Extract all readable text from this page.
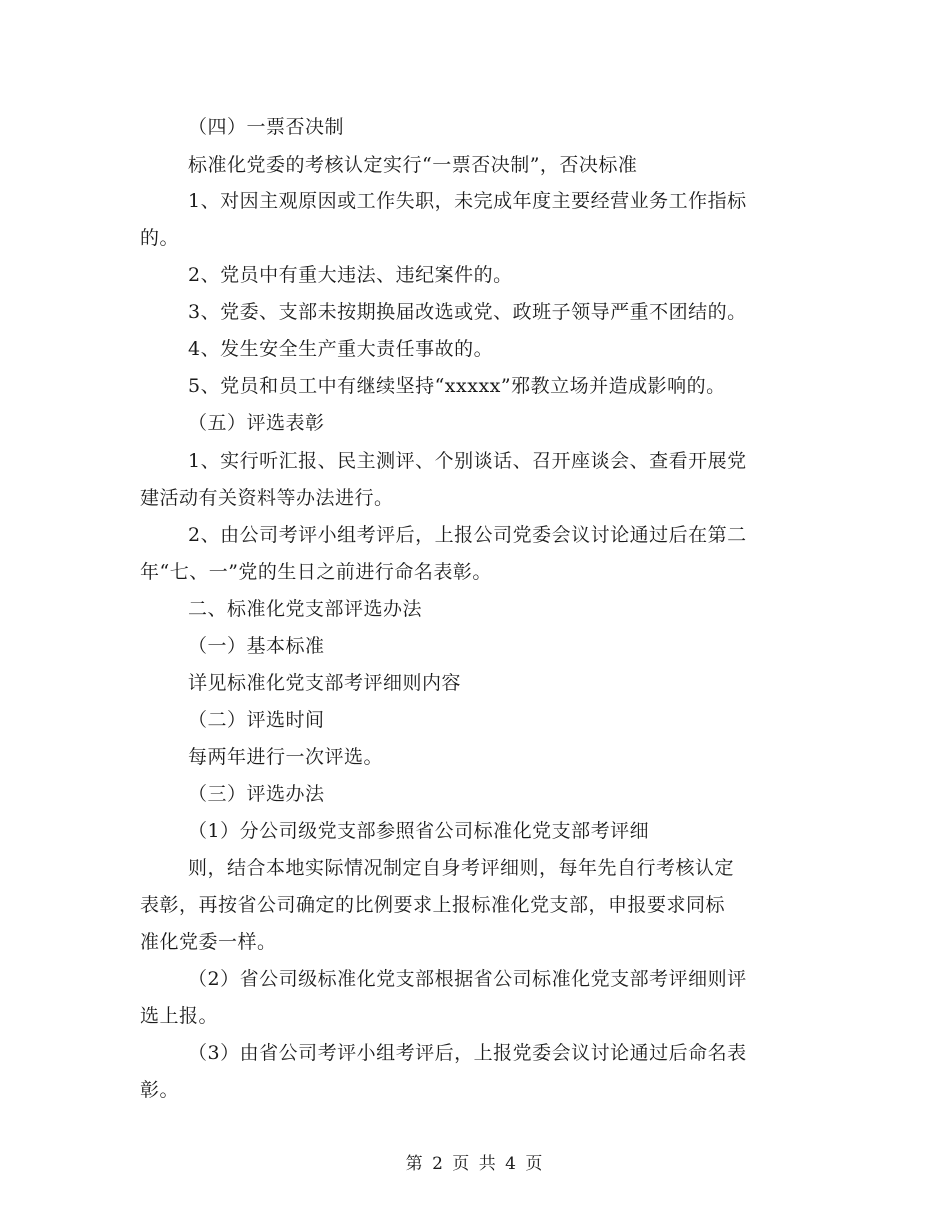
（四）一票否决制
标准化党委的考核认定实行“一票否决制”，否决标准
1、对因主观原因或工作失职，未完成年度主要经营业务工作指标
的。
2、党员中有重大违法、违纪案件的。
3、党委、支部未按期换届改选或党、政班子领导严重不团结的。
4、发生安全生产重大责任事故的。
5、党员和员工中有继续坚持“xxxxx”邪教立场并造成影响的。
（五）评选表彰
1、实行听汇报、民主测评、个别谈话、召开座谈会、查看开展党
建活动有关资料等办法进行。
2、由公司考评小组考评后，上报公司党委会议讨论通过后在第二
年“七、一”党的生日之前进行命名表彰。
二、标准化党支部评选办法
（一）基本标准
详见标准化党支部考评细则内容
（二）评选时间
每两年进行一次评选。
（三）评选办法
（1）分公司级党支部参照省公司标准化党支部考评细
则，结合本地实际情况制定自身考评细则，每年先自行考核认定
表彰，再按省公司确定的比例要求上报标准化党支部，申报要求同标
准化党委一样。
（2）省公司级标准化党支部根据省公司标准化党支部考评细则评
选上报。
（3）由省公司考评小组考评后，上报党委会议讨论通过后命名表
彰。
第 2 页 共 4 页
